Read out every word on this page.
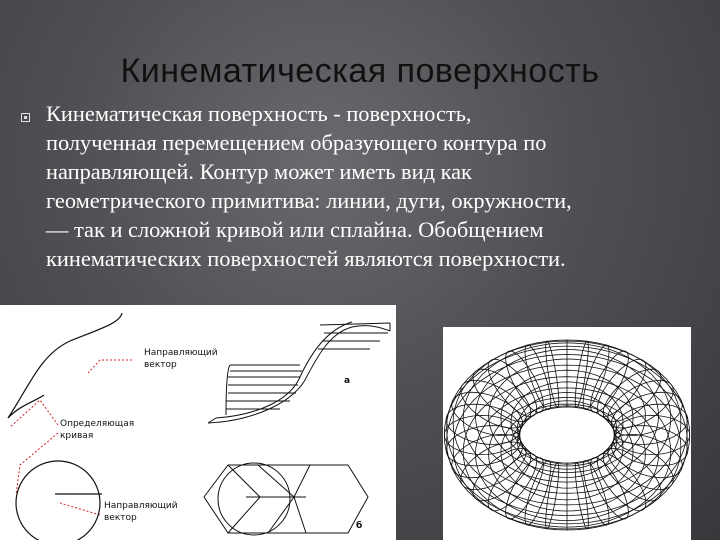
Кинематическая поверхность
Кинематическая поверхность - поверхность,
полученная перемещением образующего контура по
направляющей. Контур может иметь вид как
геометрического примитива: линии, дуги, окружности,
— так и сложной кривой или сплайна. Обобщением
кинематических поверхностей являются поверхности.
Направляющий
вектор
Определяющая
кривая
Направляющий
вектор
а
б
